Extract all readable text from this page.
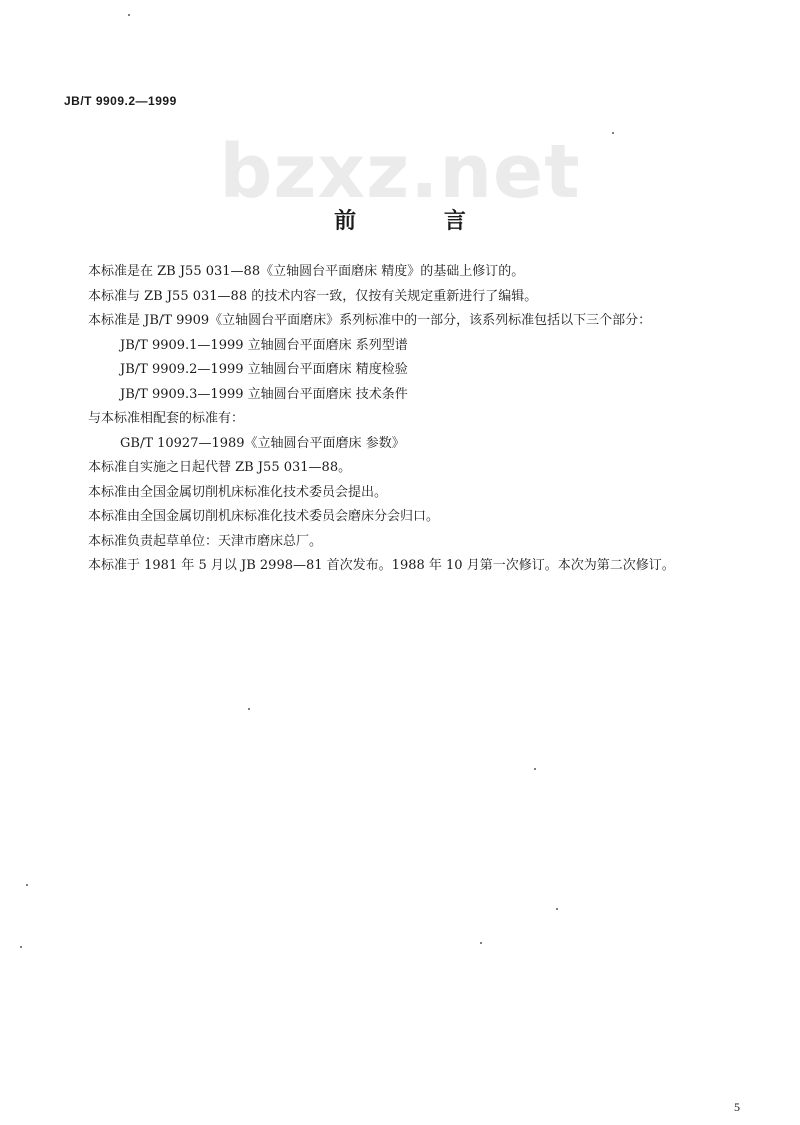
JB/T 9909.2—1999
bzxz.net
前 言
本标准是在 ZB J55 031—88《立轴圆台平面磨床 精度》的基础上修订的。
本标准与 ZB J55 031—88 的技术内容一致，仅按有关规定重新进行了编辑。
本标准是 JB/T 9909《立轴圆台平面磨床》系列标准中的一部分，该系列标准包括以下三个部分：
JB/T 9909.1—1999 立轴圆台平面磨床 系列型谱
JB/T 9909.2—1999 立轴圆台平面磨床 精度检验
JB/T 9909.3—1999 立轴圆台平面磨床 技术条件
与本标准相配套的标准有：
GB/T 10927—1989《立轴圆台平面磨床 参数》
本标准自实施之日起代替 ZB J55 031—88。
本标准由全国金属切削机床标准化技术委员会提出。
本标准由全国金属切削机床标准化技术委员会磨床分会归口。
本标准负责起草单位：天津市磨床总厂。
本标准于 1981 年 5 月以 JB 2998—81 首次发布。1988 年 10 月第一次修订。本次为第二次修订。
5
